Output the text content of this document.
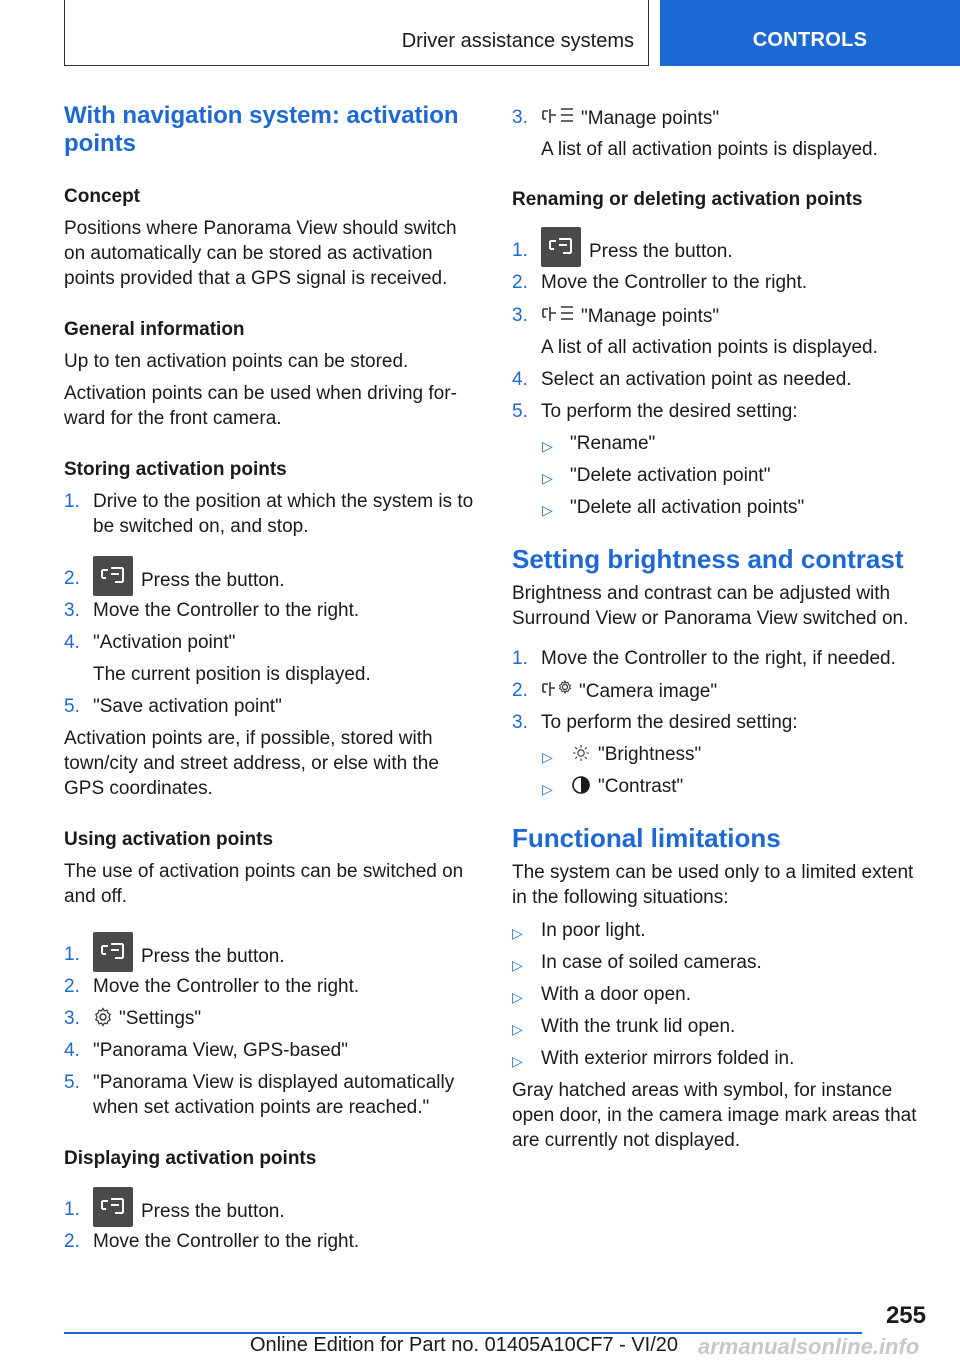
Driver assistance systems	CONTROLS
With navigation system: activation points
Concept
Positions where Panorama View should switch on automatically can be stored as activation points provided that a GPS signal is received.
General information
Up to ten activation points can be stored.
Activation points can be used when driving forward for the front camera.
Storing activation points
1. Drive to the position at which the system is to be switched on, and stop.
2.	Press the button.
3. Move the Controller to the right.
4. "Activation point"
The current position is displayed.
5. "Save activation point"
Activation points are, if possible, stored with town/city and street address, or else with the GPS coordinates.
Using activation points
The use of activation points can be switched on and off.
1.	Press the button.
2. Move the Controller to the right.
3.	"Settings"
4. "Panorama View, GPS-based"
5. "Panorama View is displayed automatically when set activation points are reached."
Displaying activation points
1.	Press the button.
2. Move the Controller to the right.
3.	"Manage points"
A list of all activation points is displayed.
Renaming or deleting activation points
1.	Press the button.
2. Move the Controller to the right.
3.	"Manage points"
A list of all activation points is displayed.
4. Select an activation point as needed.
5. To perform the desired setting:
▷ "Rename"
▷ "Delete activation point"
▷ "Delete all activation points"
Setting brightness and contrast
Brightness and contrast can be adjusted with Surround View or Panorama View switched on.
1. Move the Controller to the right, if needed.
2.	"Camera image"
3. To perform the desired setting:
▷	"Brightness"
▷	"Contrast"
Functional limitations
The system can be used only to a limited extent in the following situations:
▷ In poor light.
▷ In case of soiled cameras.
▷ With a door open.
▷ With the trunk lid open.
▷ With exterior mirrors folded in.
Gray hatched areas with symbol, for instance open door, in the camera image mark areas that are currently not displayed.
255
Online Edition for Part no. 01405A10CF7 - VI/20 armanualsonline.info
